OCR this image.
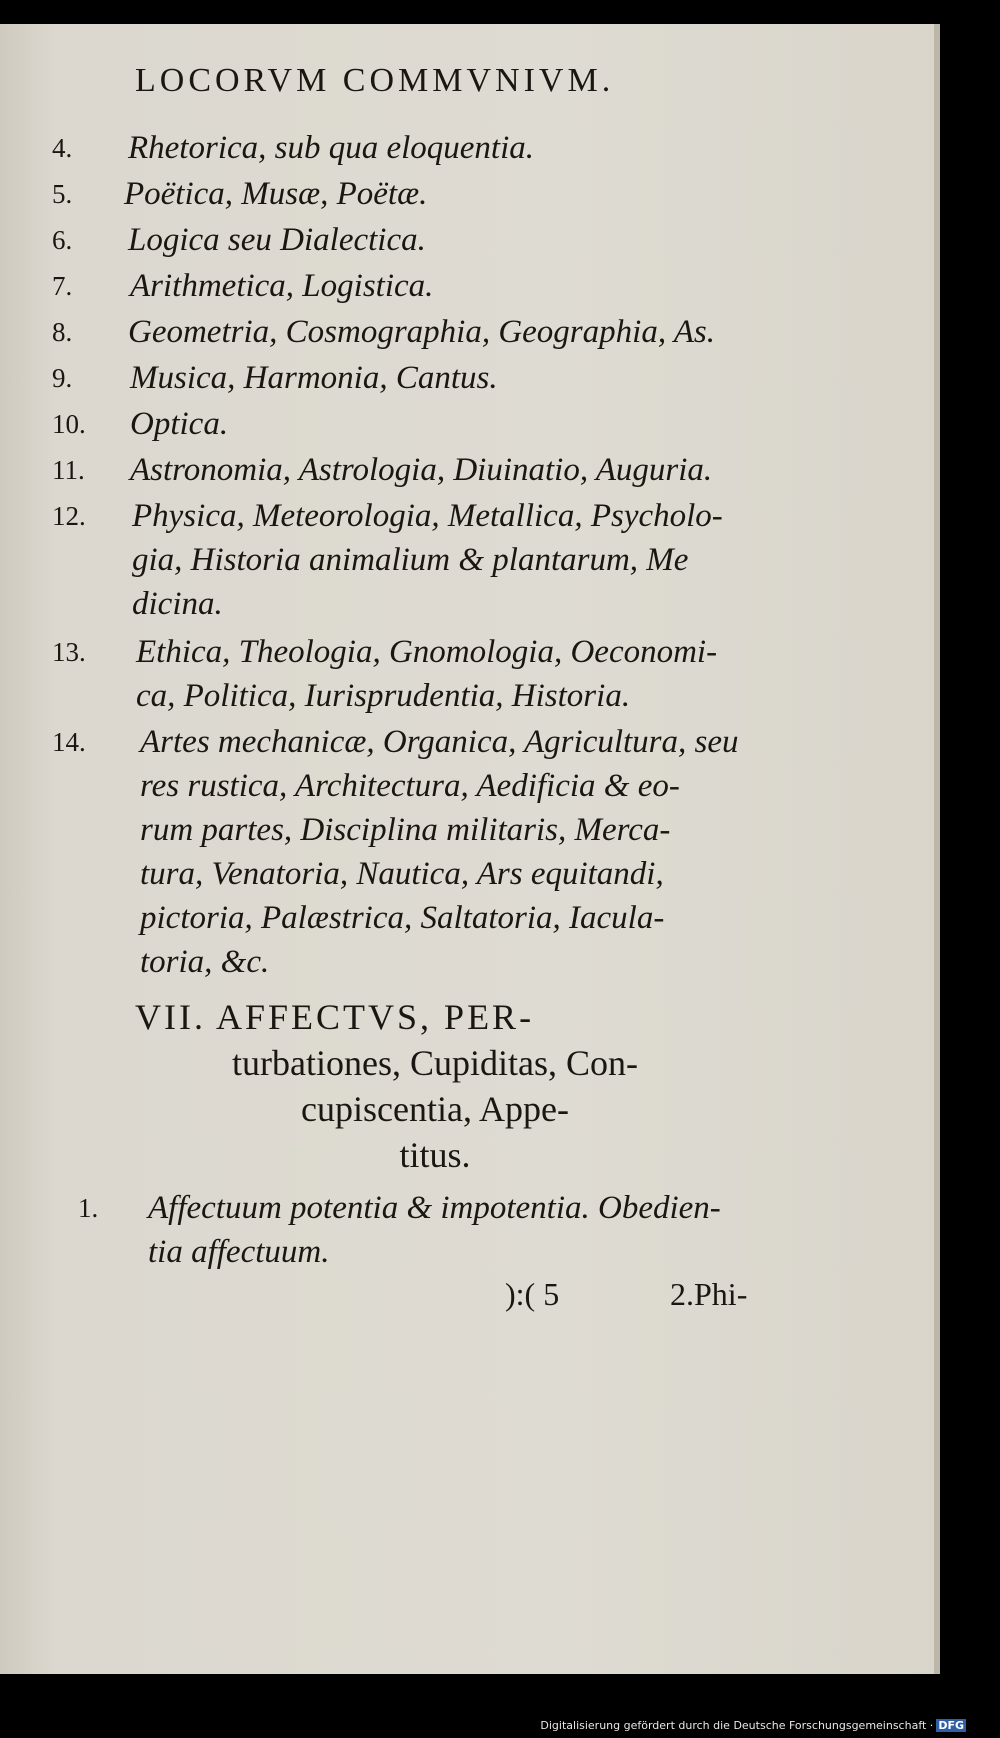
LOCORVM COMMVNIVM.
4.	Rhetorica, sub qua eloquentia.
5.	Poëtica, Musæ, Poëtæ.
6.	Logica seu Dialectica.
7.	Arithmetica, Logistica.
8.	Geometria, Cosmographia, Geographia, As.
9.	Musica, Harmonia, Cantus.
10.	Optica.
11.	Astronomia, Astrologia, Diuinatio, Auguria.
12.	Physica, Meteorologia, Metallica, Psycholo-
gia, Historia animalium & plantarum, Me
dicina.
13.	Ethica, Theologia, Gnomologia, Oeconomi-
ca, Politica, Iurisprudentia, Historia.
14.	Artes mechanicæ, Organica, Agricultura, seu
res rustica, Architectura, Aedificia & eo-
rum partes, Disciplina militaris, Merca-
tura, Venatoria, Nautica, Ars equitandi,
pictoria, Palæstrica, Saltatoria, Iacula-
toria, &c.
VII. AFFECTVS, PER-
turbationes, Cupiditas, Con-
cupiscentia, Appe-
titus.
1.	Affectuum potentia & impotentia. Obedien-
tia affectuum.
):( 5	2.Phi-
Digitalisierung gefördert durch die Deutsche Forschungsgemeinschaft · DFG
